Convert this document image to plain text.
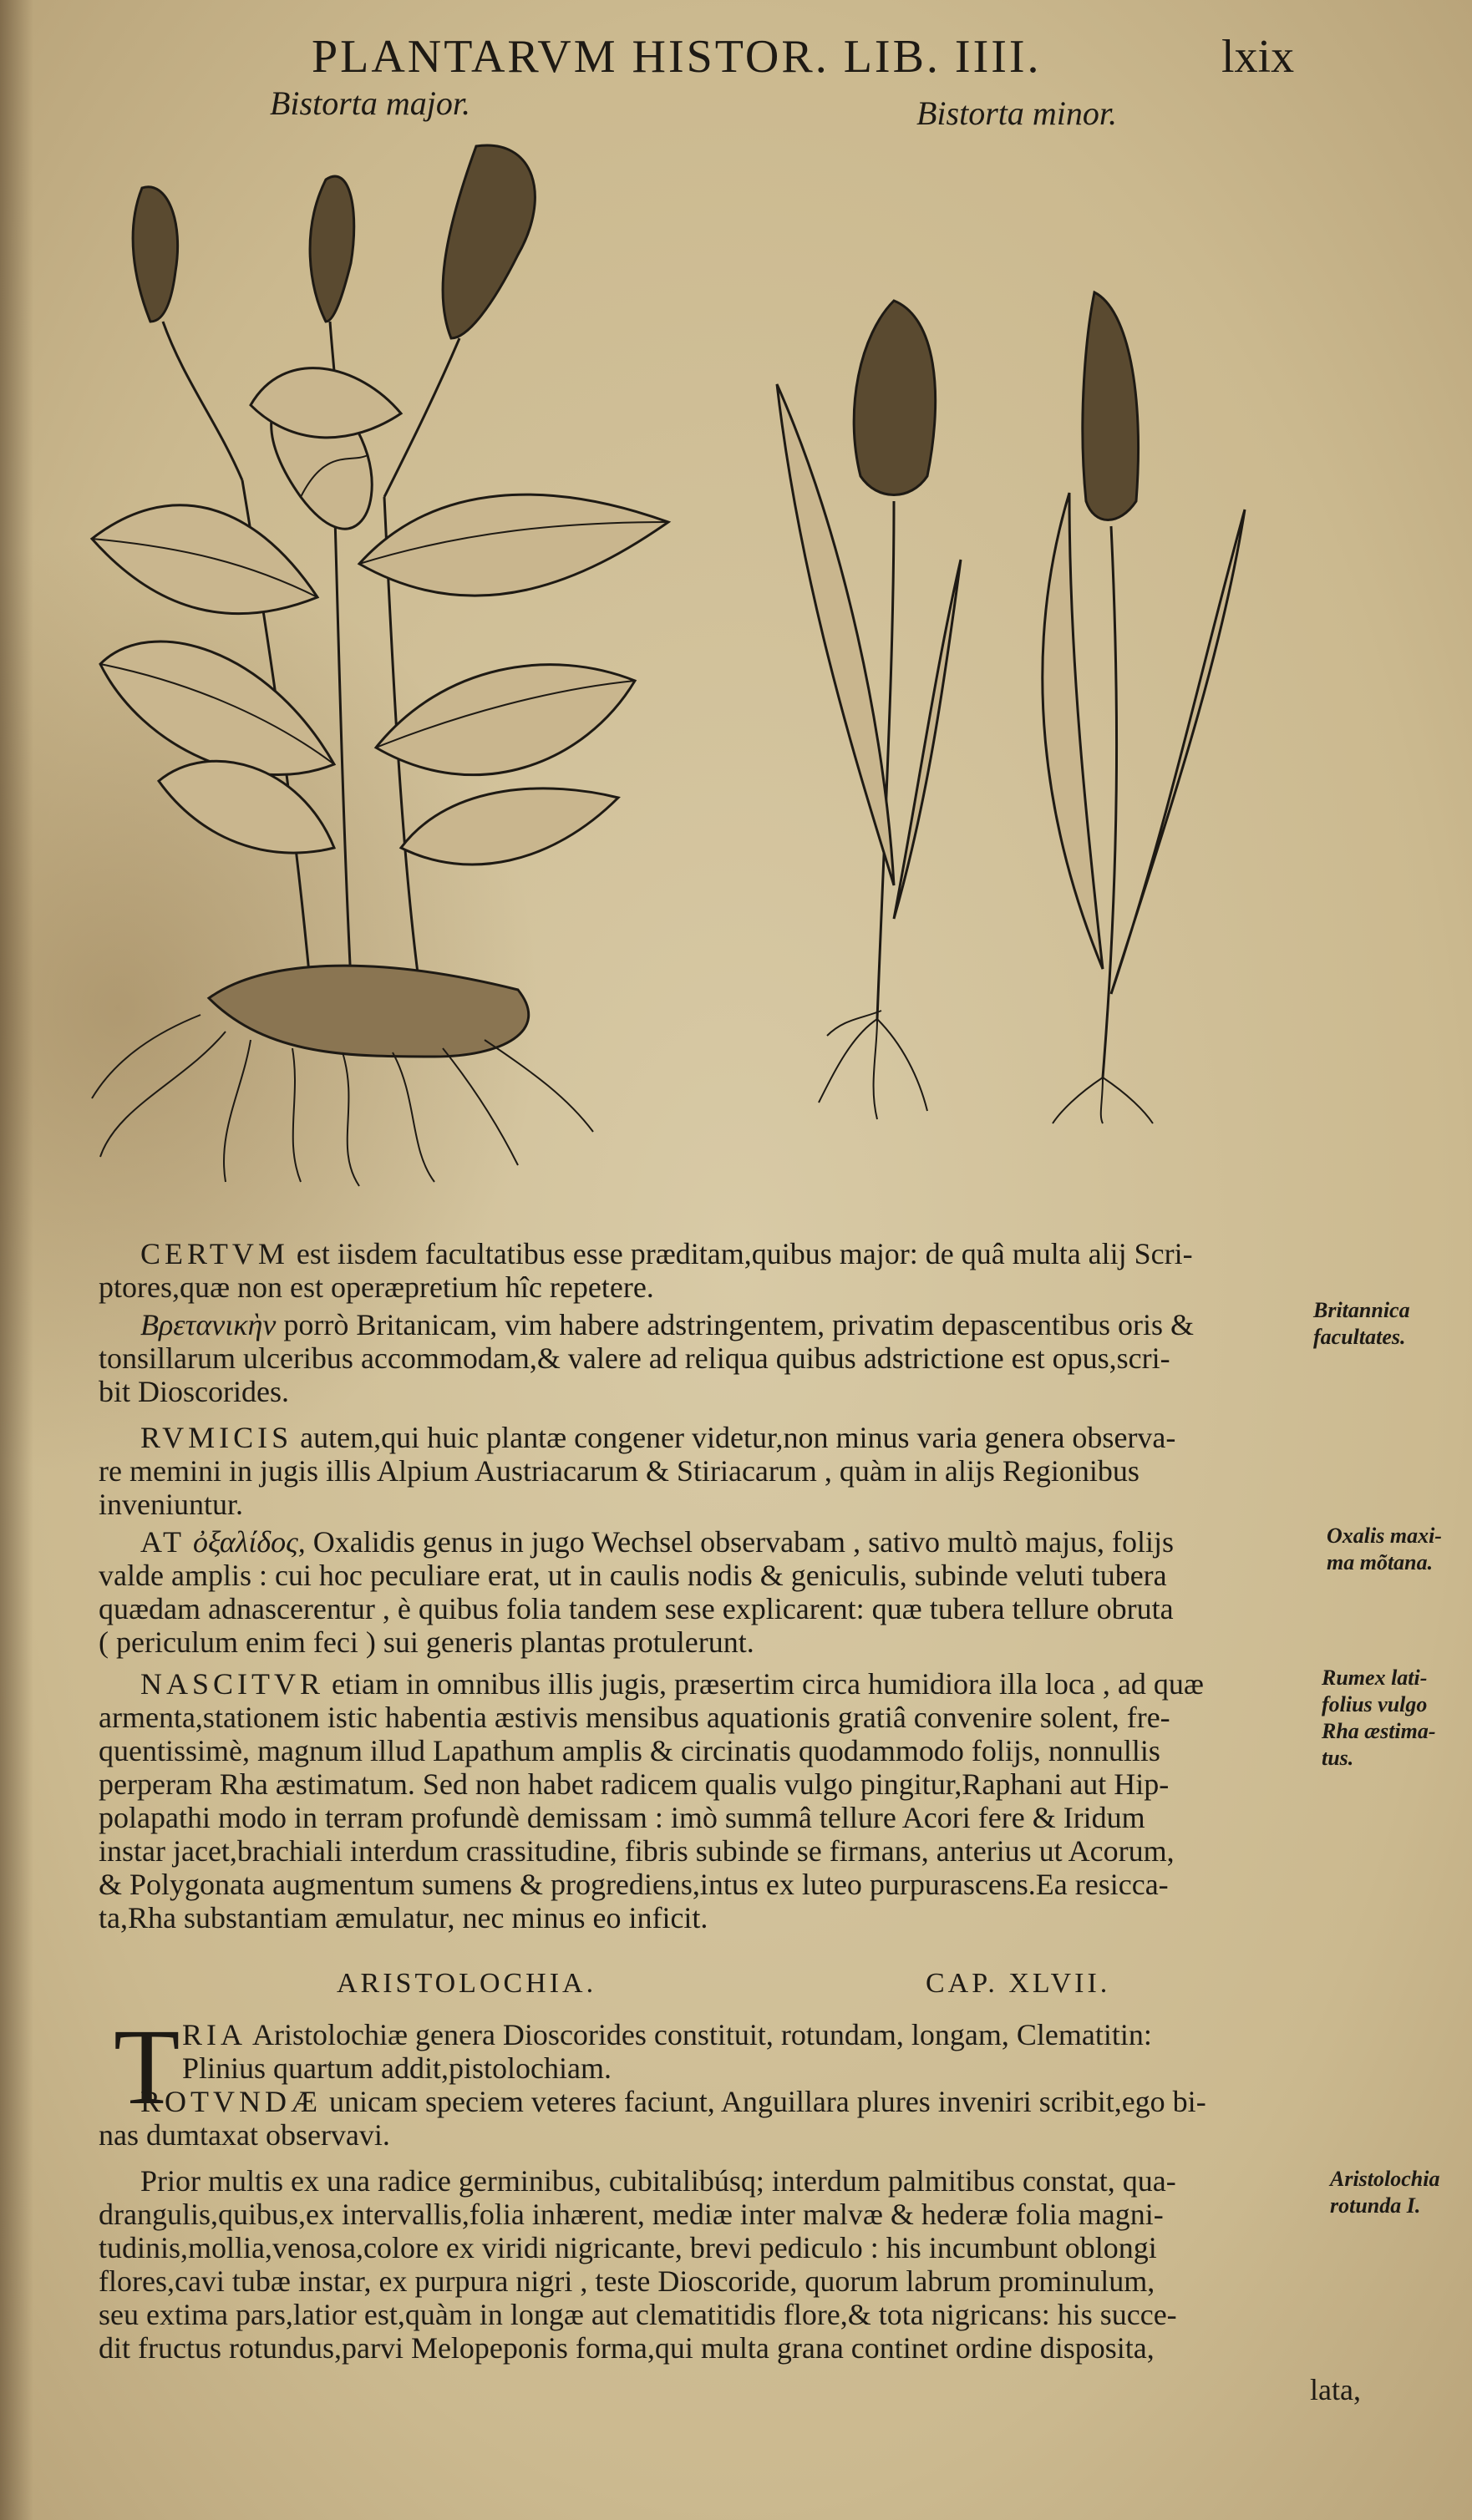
PLANTARVM HISTOR. LIB. IIII.	lxix
Bistorta major.	Bistorta minor.
CERTVM est iisdem facultatibus esse præditam,quibus major: de quâ multa alij Scri-
ptores,quæ non est operæpretium hîc repetere.
Βρετανικὴν porrò Britanicam, vim habere adstringentem, privatim depascentibus oris &
tonsillarum ulceribus accommodam,& valere ad reliqua quibus adstrictione est opus,scri-
bit Dioscorides.
RVMICIS autem,qui huic plantæ congener videtur,non minus varia genera observa-
re memini in jugis illis Alpium Austriacarum & Stiriacarum , quàm in alijs Regionibus
inveniuntur.
AT ὀξαλίδος, Oxalidis genus in jugo Wechsel observabam , sativo multò majus, folijs
valde amplis : cui hoc peculiare erat, ut in caulis nodis & geniculis, subinde veluti tubera
quædam adnascerentur , è quibus folia tandem sese explicarent: quæ tubera tellure obruta
( periculum enim feci ) sui generis plantas protulerunt.
NASCITVR etiam in omnibus illis jugis, præsertim circa humidiora illa loca , ad quæ
armenta,stationem istic habentia æstivis mensibus aquationis gratiâ convenire solent, fre-
quentissimè, magnum illud Lapathum amplis & circinatis quodammodo folijs, nonnullis
perperam Rha æstimatum. Sed non habet radicem qualis vulgo pingitur,Raphani aut Hip-
polapathi modo in terram profundè demissam : imò summâ tellure Acori fere & Iridum
instar jacet,brachiali interdum crassitudine, fibris subinde se firmans, anterius ut Acorum,
& Polygonata augmentum sumens & progrediens,intus ex luteo purpurascens.Ea resicca-
ta,Rha substantiam æmulatur, nec minus eo inficit.
ARISTOLOCHIA.	CAP. XLVII.
T RIA Aristolochiæ genera Dioscorides constituit, rotundam, longam, Clematitin:
Plinius quartum addit,pistolochiam.
ROTVNDÆ unicam speciem veteres faciunt, Anguillara plures inveniri scribit,ego bi-
nas dumtaxat observavi.
Prior multis ex una radice germinibus, cubitalibúsq; interdum palmitibus constat, qua-
drangulis,quibus,ex intervallis,folia inhærent, mediæ inter malvæ & hederæ folia magni-
tudinis,mollia,venosa,colore ex viridi nigricante, brevi pediculo : his incumbunt oblongi
flores,cavi tubæ instar, ex purpura nigri , teste Dioscoride, quorum labrum prominulum,
seu extima pars,latior est,quàm in longæ aut clematitidis flore,& tota nigricans: his succe-
dit fructus rotundus,parvi Melopeponis forma,qui multa grana continet ordine disposita,
lata,
Britannica
facultates.
Oxalis maxi-
ma mõtana.
Rumex lati-
folius vulgo
Rha æstima-
tus.
Aristolochia
rotunda I.
